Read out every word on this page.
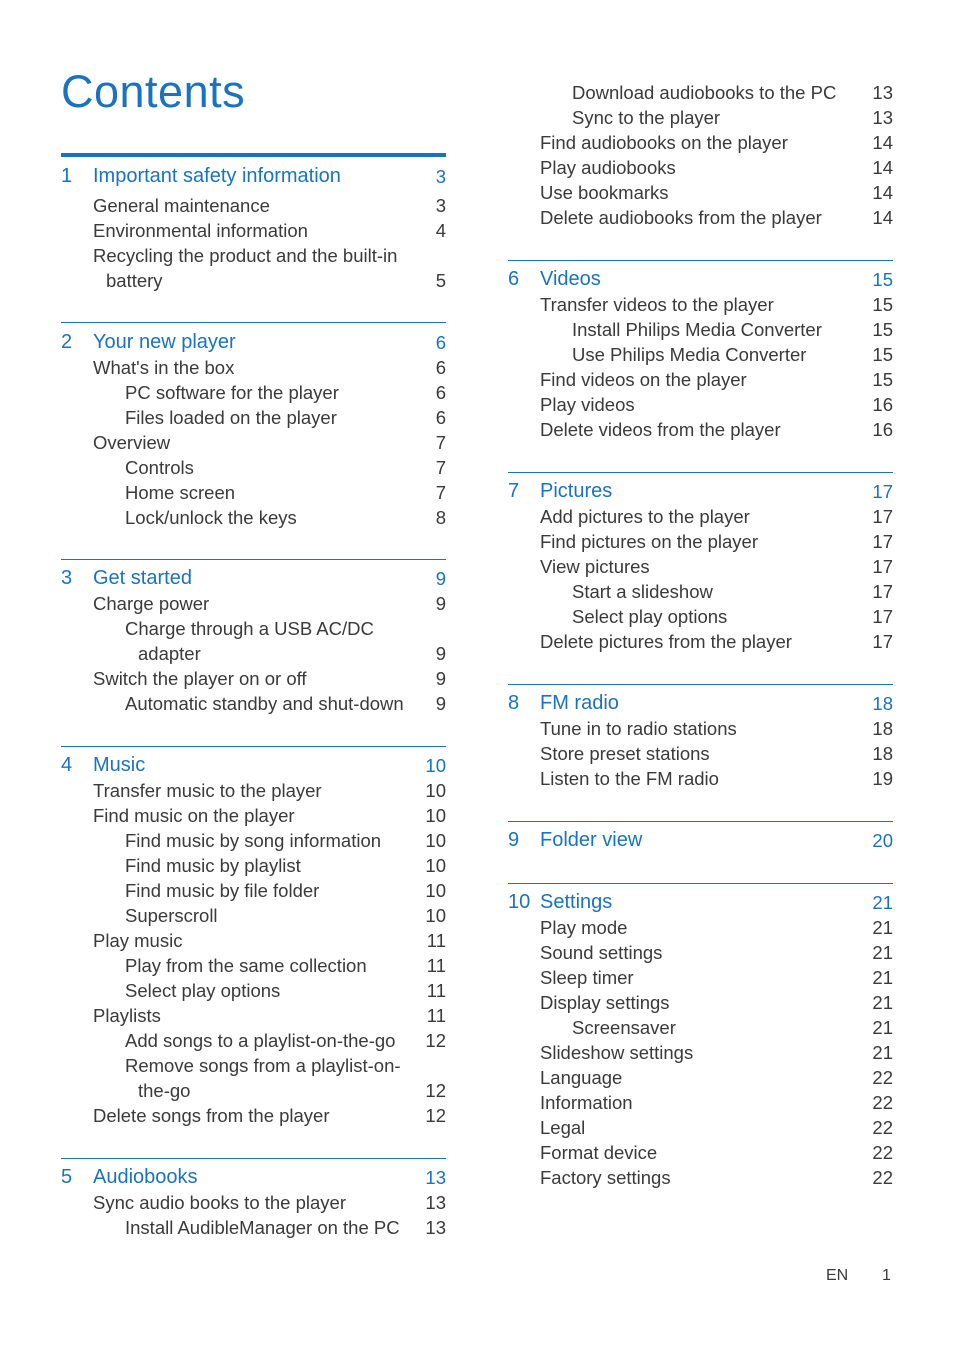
Contents
1 Important safety information	3
General maintenance	3
Environmental information	4
Recycling the product and the built-in
battery	5
2 Your new player	6
What's in the box	6
PC software for the player	6
Files loaded on the player	6
Overview	7
Controls	7
Home screen	7
Lock/unlock the keys	8
3 Get started	9
Charge power	9
Charge through a USB AC/DC
adapter	9
Switch the player on or off	9
Automatic standby and shut-down 9
4 Music	10
Transfer music to the player	10
Find music on the player	10
Find music by song information 10
Find music by playlist	10
Find music by file folder	10
Superscroll	10
Play music	11
Play from the same collection	11
Select play options	11
Playlists	11
Add songs to a playlist-on-the-go 12
Remove songs from a playlist-on-
the-go	12
Delete songs from the player	12
5 Audiobooks	13
Sync audio books to the player	13
Install AudibleManager on the PC 13
Download audiobooks to the PC 13
Sync to the player	13
Find audiobooks on the player	14
Play audiobooks	14
Use bookmarks	14
Delete audiobooks from the player	14
6 Videos	15
Transfer videos to the player	15
Install Philips Media Converter	15
Use Philips Media Converter	15
Find videos on the player	15
Play videos	16
Delete videos from the player	16
7 Pictures	17
Add pictures to the player	17
Find pictures on the player	17
View pictures	17
Start a slideshow	17
Select play options	17
Delete pictures from the player	17
8 FM radio	18
Tune in to radio stations	18
Store preset stations	18
Listen to the FM radio	19
9 Folder view	20
10 Settings	21
Play mode	21
Sound settings	21
Sleep timer	21
Display settings	21
Screensaver	21
Slideshow settings	21
Language	22
Information	22
Legal	22
Format device	22
Factory settings	22
EN 1
